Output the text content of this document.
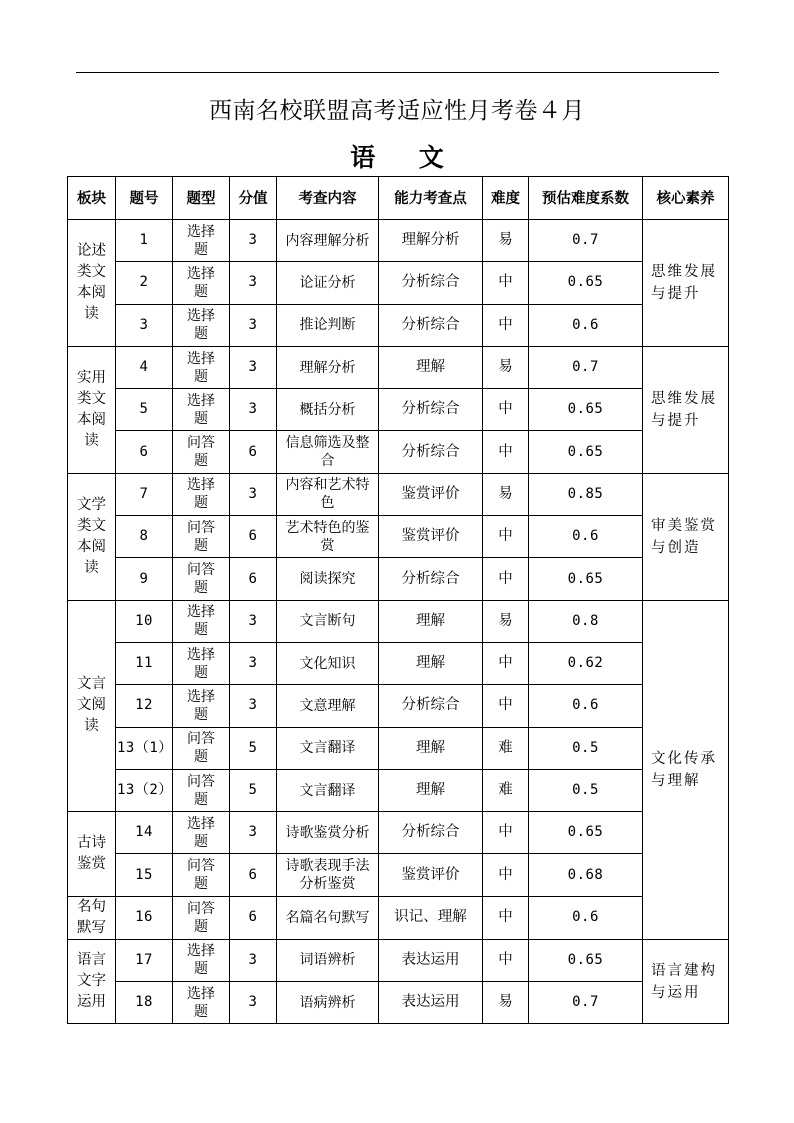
西南名校联盟高考适应性月考卷４月
语 文
板块	题号	题型	分值	考查内容	能力考查点	难度	预估难度系数	核心素养
论述类文本阅读	1	选择题	3	内容理解分析	理解分析	易	0.7	思维发展与提升
	2	选择题	3	论证分析	分析综合	中	0.65	
	3	选择题	3	推论判断	分析综合	中	0.6	
实用类文本阅读	4	选择题	3	理解分析	理解	易	0.7	思维发展与提升
	5	选择题	3	概括分析	分析综合	中	0.65	
	6	问答题	6	信息筛选及整合	分析综合	中	0.65	
文学类文本阅读	7	选择题	3	内容和艺术特色	鉴赏评价	易	0.85	审美鉴赏与创造
	8	问答题	6	艺术特色的鉴赏	鉴赏评价	中	0.6	
	9	问答题	6	阅读探究	分析综合	中	0.65	
文言文阅读	10	选择题	3	文言断句	理解	易	0.8	文化传承与理解
	11	选择题	3	文化知识	理解	中	0.62	
	12	选择题	3	文意理解	分析综合	中	0.6	
	13（1）	问答题	5	文言翻译	理解	难	0.5	
	13（2）	问答题	5	文言翻译	理解	难	0.5	
古诗鉴赏	14	选择题	3	诗歌鉴赏分析	分析综合	中	0.65	
	15	问答题	6	诗歌表现手法分析鉴赏	鉴赏评价	中	0.68	
名句默写	16	问答题	6	名篇名句默写	识记、理解	中	0.6	
语言文字运用	17	选择题	3	词语辨析	表达运用	中	0.65	语言建构与运用
	18	选择题	3	语病辨析	表达运用	易	0.7	
